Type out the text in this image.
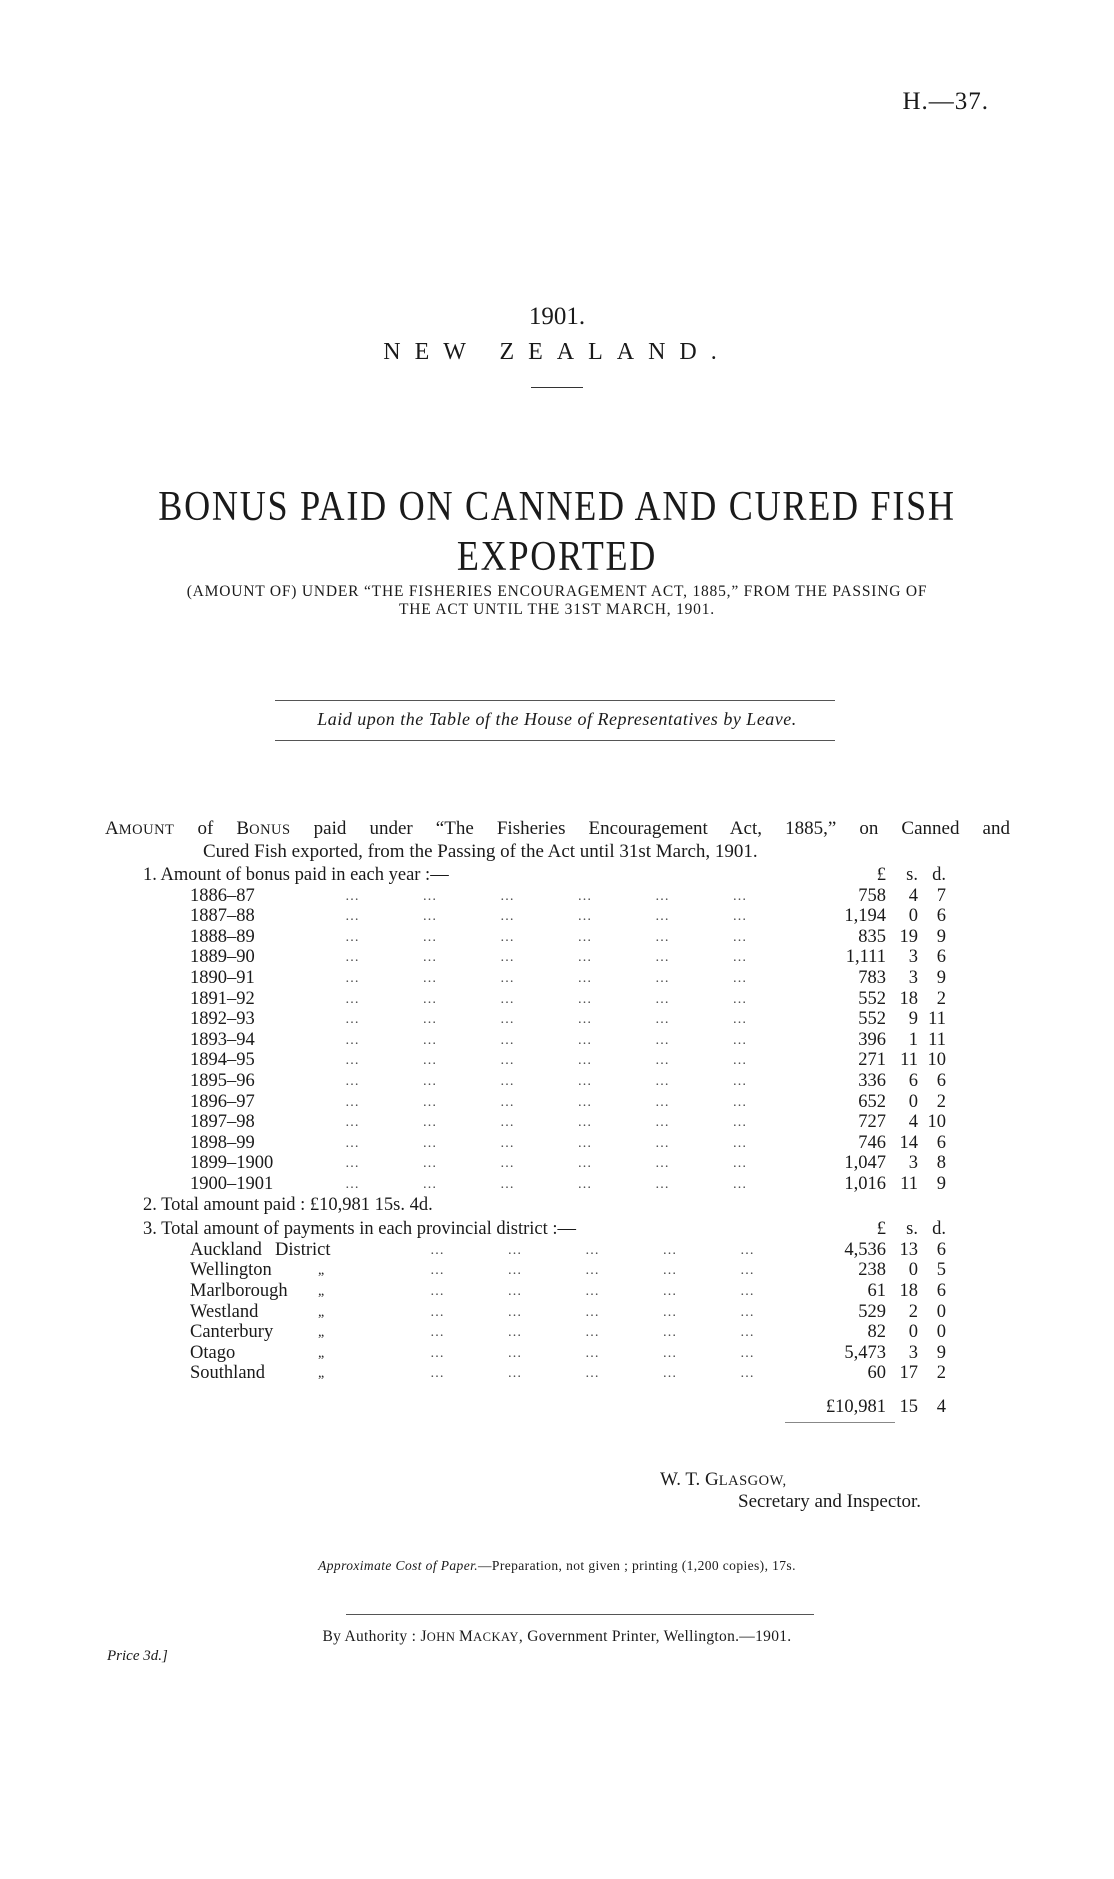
H.—37.
1901.
NEW ZEALAND.
BONUS PAID ON CANNED AND CURED FISH
EXPORTED
(AMOUNT OF) UNDER “THE FISHERIES ENCOURAGEMENT ACT, 1885,” FROM THE PASSING OF
THE ACT UNTIL THE 31ST MARCH, 1901.
Laid upon the Table of the House of Representatives by Leave.
AMOUNT of BONUS paid under “The Fisheries Encouragement Act, 1885,” on Canned and
Cured Fish exported, from the Passing of the Act until 31st March, 1901.
1. Amount of bonus paid in each year :—	£	s. d.
1886–87	… … … … … …	758	4	7
1887–88	… … … … … …	1,194	0	6
1888–89	… … … … … …	835 19	9
1889–90	… … … … … …	1,111	3	6
1890–91	… … … … … …	783	3	9
1891–92	… … … … … …	552 18	2
1892–93	… … … … … …	552	9 11
1893–94	… … … … … …	396	1 11
1894–95	… … … … … …	271 11 10
1895–96	… … … … … …	336	6	6
1896–97	… … … … … …	652	0	2
1897–98	… … … … … …	727	4 10
1898–99	… … … … … …	746 14	6
1899–1900	… … … … … …	1,047	3	8
1900–1901	… … … … … …	1,016 11	9
2. Total amount paid : £10,981 15s. 4d.
3. Total amount of payments in each provincial district :—	£	s. d.
Auckland District	… … … … …	4,536 13	6
Wellington	„	… … … … …	238	0	5
Marlborough „	… … … … …	61 18	6
Westland	„	… … … … …	529	2	0
Canterbury	„	… … … … …	82	0	0
Otago	„	… … … … …	5,473	3	9
Southland	„	… … … … …	60 17	2
£10,981 15	4
W. T. GLASGOW,
Secretary and Inspector.
Approximate Cost of Paper.—Preparation, not given ; printing (1,200 copies), 17s.
By Authority : JOHN MACKAY, Government Printer, Wellington.—1901.
Price 3d.]
